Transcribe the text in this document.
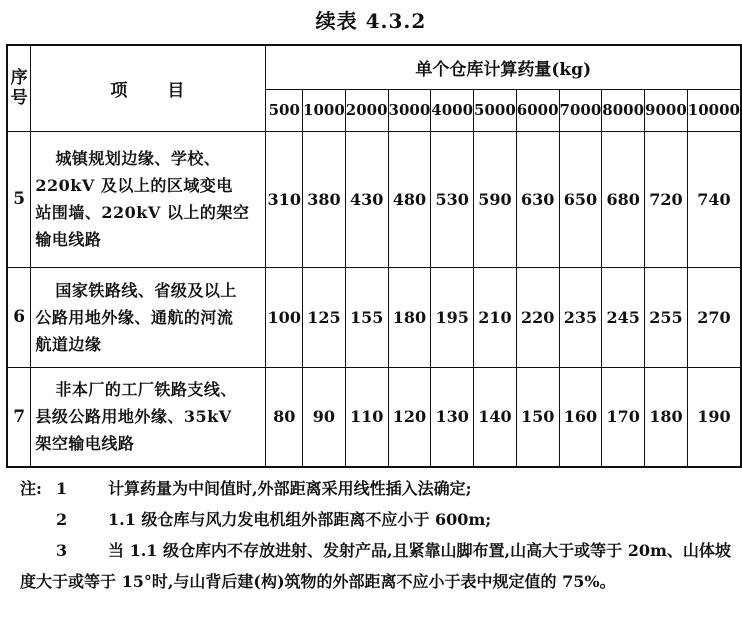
续表 4.3.2
序
号	项　　目	单个仓库计算药量(kg)										
		500	1000	2000	3000	4000	5000	6000	7000	8000	9000	10000
5	城镇规划边缘、学校、
220kV 及以上的区域变电
站围墙、220kV 以上的架空
输电线路	310	380	430	480	530	590	630	650	680	720	740
6	国家铁路线、省级及以上
公路用地外缘、通航的河流
航道边缘	100	125	155	180	195	210	220	235	245	255	270
7	非本厂的工厂铁路支线、
县级公路用地外缘、35kV
架空输电线路	80	90	110	120	130	140	150	160	170	180	190
注: 1	计算药量为中间值时,外部距离采用线性插入法确定;
2	1.1 级仓库与风力发电机组外部距离不应小于 600m;
3	当 1.1 级仓库内不存放进射、发射产品,且紧靠山脚布置,山高大于或等于 20m、山体坡度大于或等于 15°时,与山背后建(构)筑物的外部距离不应小于表中规定值的 75%。
